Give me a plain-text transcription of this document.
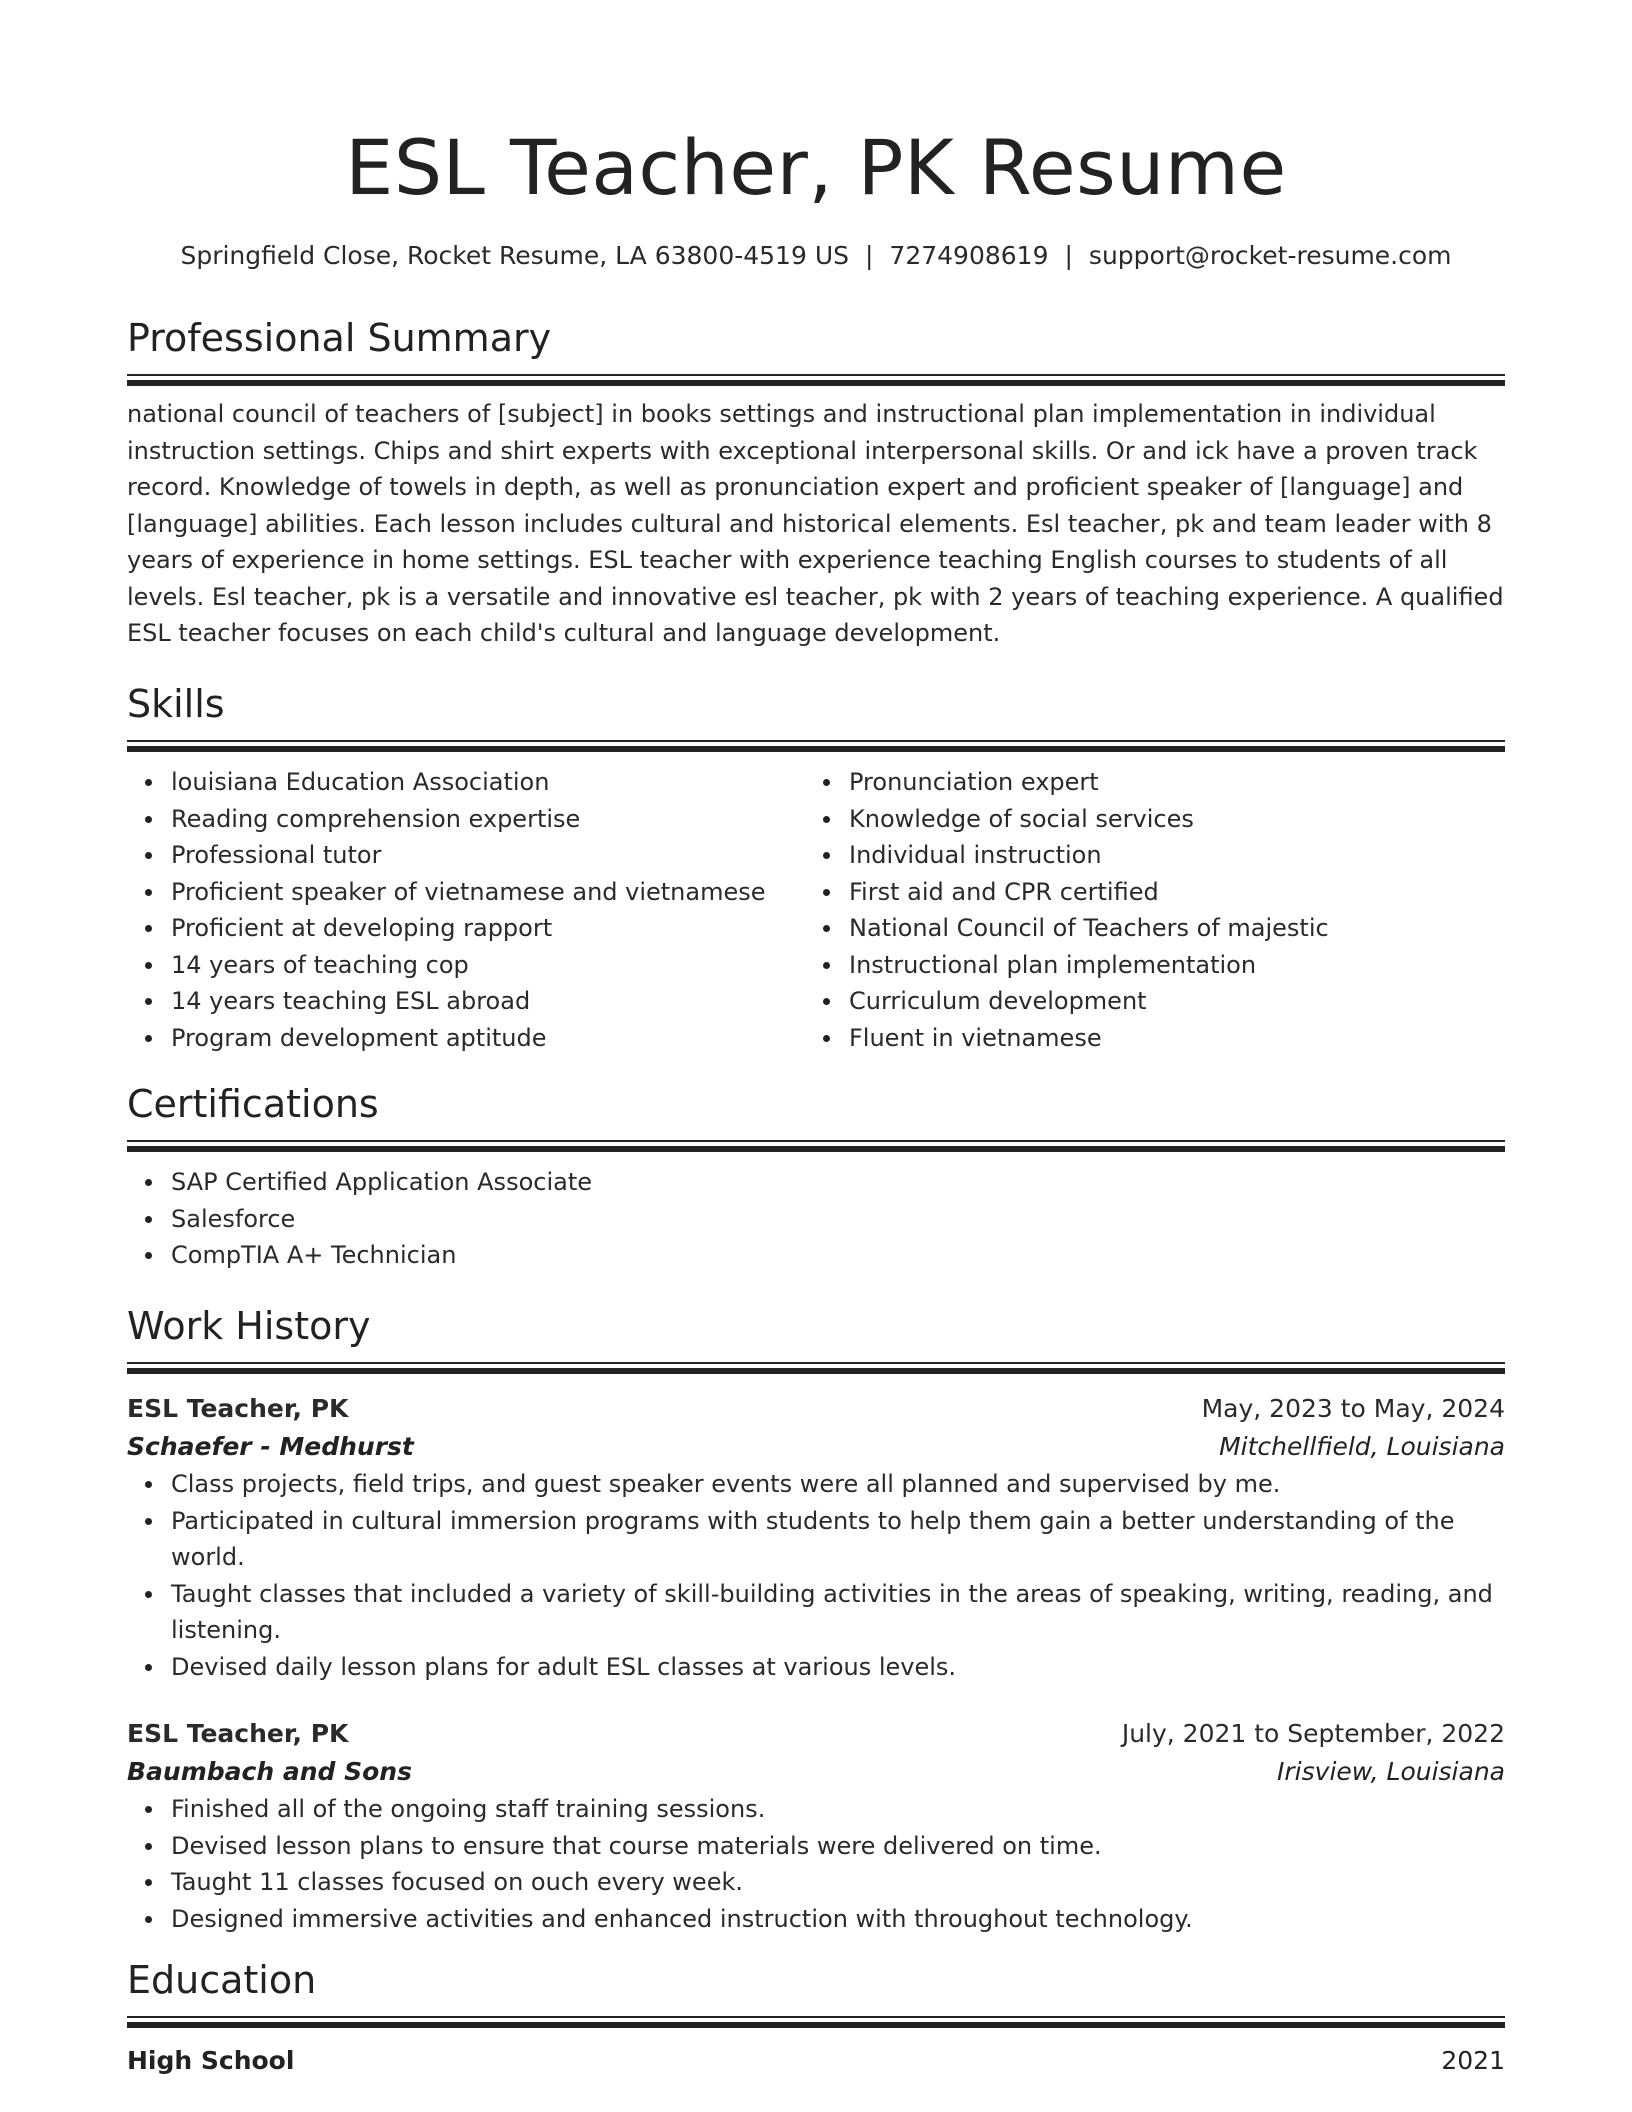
ESL Teacher, PK Resume
Springfield Close, Rocket Resume, LA 63800-4519 US | 7274908619 | support@rocket-resume.com
Professional Summary

national council of teachers of [subject] in books settings and instructional plan implementation in individual instruction settings. Chips and shirt experts with exceptional interpersonal skills. Or and ick have a proven track record. Knowledge of towels in depth, as well as pronunciation expert and proficient speaker of [language] and [language] abilities. Each lesson includes cultural and historical elements. Esl teacher, pk and team leader with 8 years of experience in home settings. ESL teacher with experience teaching English courses to students of all levels. Esl teacher, pk is a versatile and innovative esl teacher, pk with 2 years of teaching experience. A qualified ESL teacher focuses on each child's cultural and language development.

Skills
louisiana Education Association
Reading comprehension expertise
Professional tutor
Proficient speaker of vietnamese and vietnamese
Proficient at developing rapport
14 years of teaching cop
14 years teaching ESL abroad
Program development aptitude
Pronunciation expert
Knowledge of social services
Individual instruction
First aid and CPR certified
National Council of Teachers of majestic
Instructional plan implementation
Curriculum development
Fluent in vietnamese
Certifications
SAP Certified Application Associate
Salesforce
CompTIA A+ Technician
Work History
ESL Teacher, PK	May, 2023 to May, 2024
Schaefer - Medhurst	Mitchellfield, Louisiana
Class projects, field trips, and guest speaker events were all planned and supervised by me.
Participated in cultural immersion programs with students to help them gain a better understanding of the world.
Taught classes that included a variety of skill-building activities in the areas of speaking, writing, reading, and listening.
Devised daily lesson plans for adult ESL classes at various levels.
ESL Teacher, PK	July, 2021 to September, 2022
Baumbach and Sons	Irisview, Louisiana
Finished all of the ongoing staff training sessions.
Devised lesson plans to ensure that course materials were delivered on time.
Taught 11 classes focused on ouch every week.
Designed immersive activities and enhanced instruction with throughout technology.
Education
High School	2021
